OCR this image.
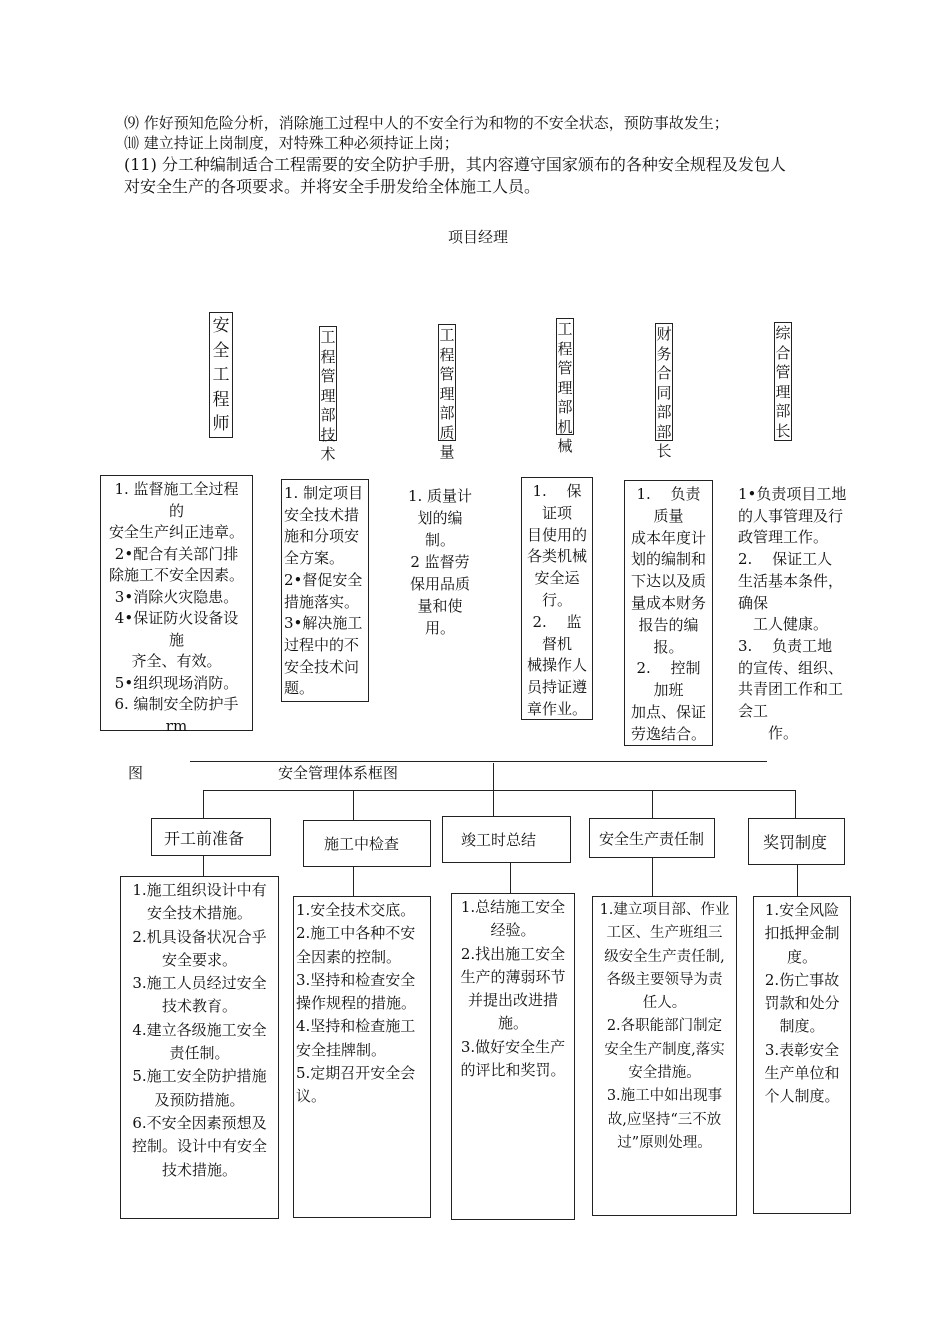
⑼ 作好预知危险分析，消除施工过程中人的不安全行为和物的不安全状态，预防事故发生；
⑽ 建立持证上岗制度，对特殊工种必须持证上岗；
(11) 分工种编制适合工程需要的安全防护手册，其内容遵守国家颁布的各种安全规程及发包人
对安全生产的各项要求。并将安全手册发给全体施工人员。
项目经理
安
全
工
程
师
工
程
管
理
部
技
术
工
程
管
理
部
质
量
工
程
管
理
部
机
械
财
务
合
同
部
部
长
综
合
管
理
部
长
1. 监督施工全过程
的
安全生产纠正违章。
2•配合有关部门排
除施工不安全因素。
3•消除火灾隐患。
4•保证防火设备设
施
齐全、有效。
5•组织现场消防。
6. 编制安全防护手
rm
1. 制定项目
安全技术措
施和分项安
全方案。
2•督促安全
措施落实。
3•解决施工
过程中的不
安全技术问
题。
1. 质量计
划的编
制。
2 监督劳
保用品质
量和使
用。
1.　 保
证项
目使用的
各类机械
安全运
行。
2.　 监
督机
械操作人
员持证遵
章作业。
1.　 负责
质量
成本年度计
划的编制和
下达以及质
量成本财务
报告的编
报。
2.　 控制
加班
加点、保证
劳逸结合。
1•负责项目工地
的人事管理及行
政管理工作。
2.　 保证工人
生活基本条件，
确保
　工人健康。
3.　 负责工地
的宣传、组织、
共青团工作和工
会工
　　作。
图	安全管理体系框图
开工前准备	施工中检查	竣工时总结	安全生产责任制	奖罚制度
1.施工组织设计中有
安全技术措施。
2.机具设备状况合乎
安全要求。
3.施工人员经过安全
技术教育。
4.建立各级施工安全
责任制。
5.施工安全防护措施
及预防措施。
6.不安全因素预想及
控制。设计中有安全
技术措施。
1.安全技术交底。
2.施工中各种不安
全因素的控制。
3.坚持和检查安全
操作规程的措施。
4.坚持和检查施工
安全挂牌制。
5.定期召开安全会
议。
1.总结施工安全
经验。
2.找出施工安全
生产的薄弱环节
并提出改进措
施。
3.做好安全生产
的评比和奖罚。
1.建立项目部、作业
工区、生产班组三
级安全生产责任制,
各级主要领导为责
任人。
2.各职能部门制定
安全生产制度,落实
安全措施。
3.施工中如出现事
故,应坚持“三不放
过”原则处理。
1.安全风险
扣抵押金制
度。
2.伤亡事故
罚款和处分
制度。
3.表彰安全
生产单位和
个人制度。
